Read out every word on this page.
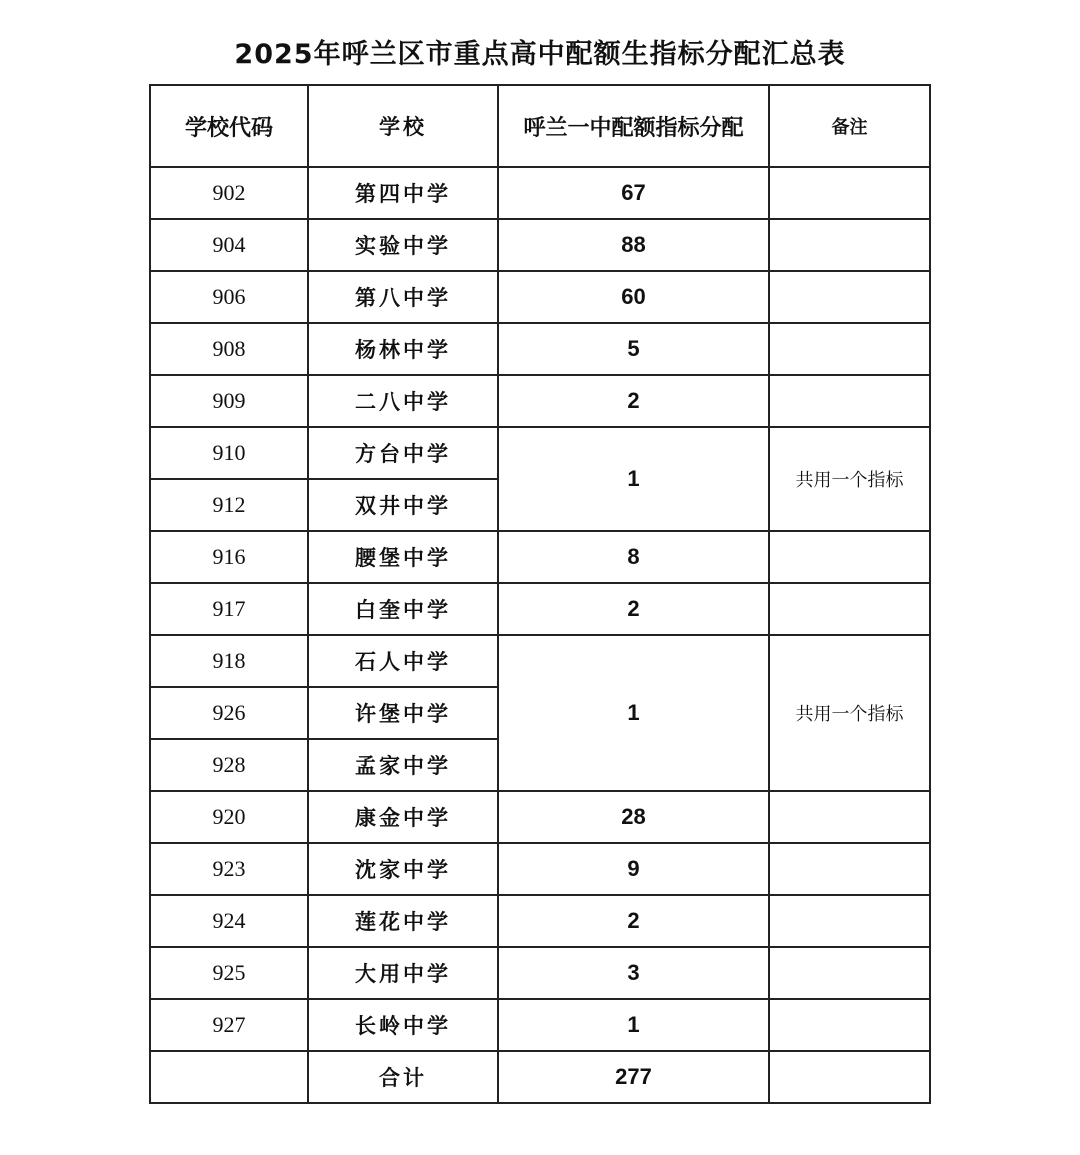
2025年呼兰区市重点高中配额生指标分配汇总表
学校代码	学校	呼兰一中配额指标分配	备注
902	第四中学	67	
904	实验中学	88	
906	第八中学	60	
908	杨林中学	5	
909	二八中学	2	
910	方台中学	1	共用一个指标
912	双井中学		
916	腰堡中学	8	
917	白奎中学	2	
918	石人中学	1	共用一个指标
926	许堡中学		
928	孟家中学		
920	康金中学	28	
923	沈家中学	9	
924	莲花中学	2	
925	大用中学	3	
927	长岭中学	1	
	合计	277	
